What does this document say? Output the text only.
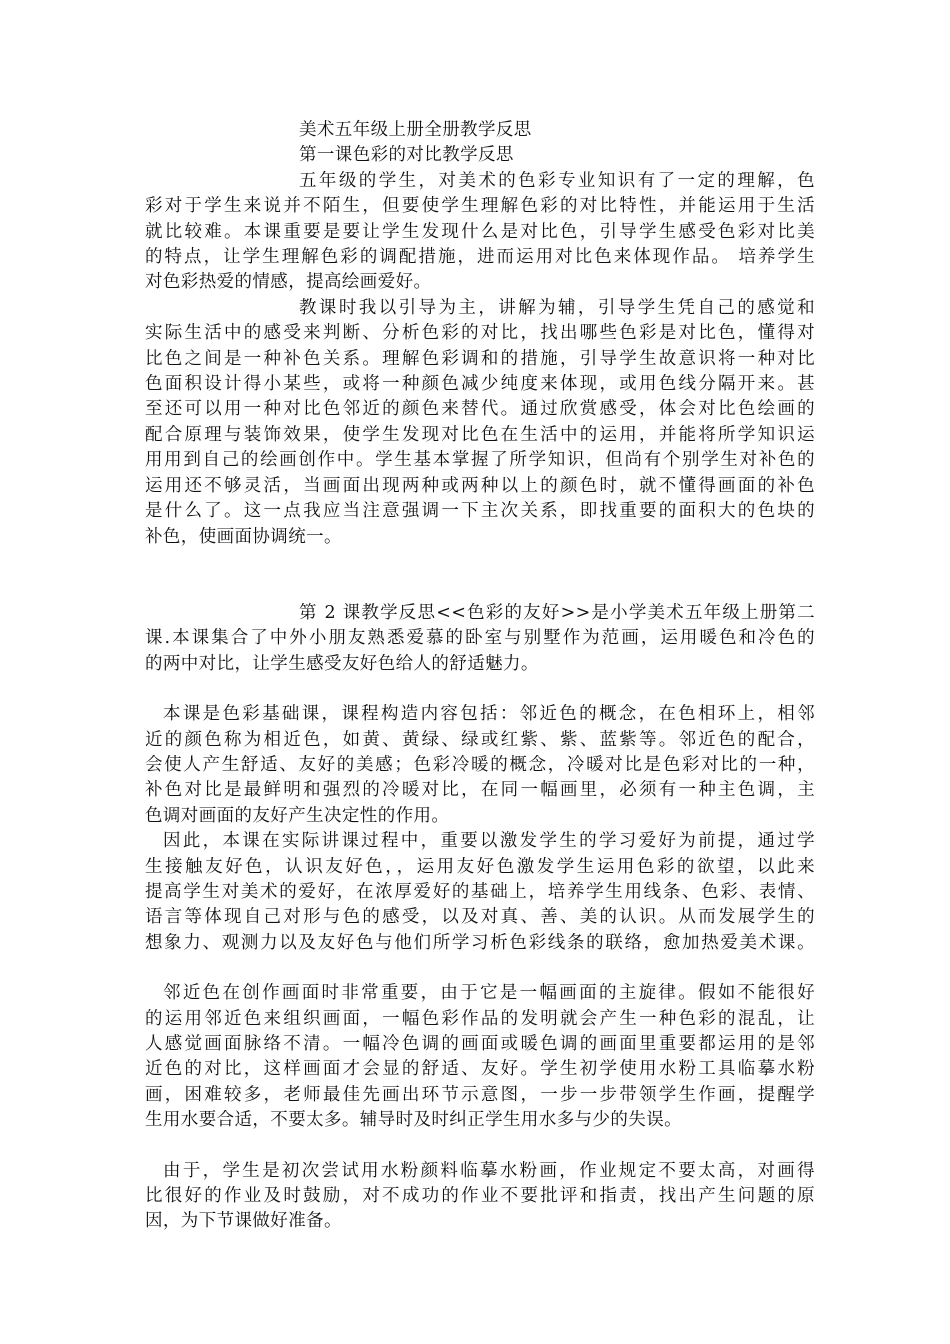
美术五年级上册全册教学反思
第一课色彩的对比教学反思
五年级的学生，对美术的色彩专业知识有了一定的理解，色
彩对于学生来说并不陌生，但要使学生理解色彩的对比特性，并能运用于生活
就比较难。本课重要是要让学生发现什么是对比色，引导学生感受色彩对比美
的特点，让学生理解色彩的调配措施，进而运用对比色来体现作品。 培养学生
对色彩热爱的情感，提高绘画爱好。
教课时我以引导为主，讲解为辅，引导学生凭自己的感觉和
实际生活中的感受来判断、分析色彩的对比，找出哪些色彩是对比色，懂得对
比色之间是一种补色关系。理解色彩调和的措施，引导学生故意识将一种对比
色面积设计得小某些，或将一种颜色减少纯度来体现，或用色线分隔开来。甚
至还可以用一种对比色邻近的颜色来替代。通过欣赏感受，体会对比色绘画的
配合原理与装饰效果，使学生发现对比色在生活中的运用，并能将所学知识运
用用到自己的绘画创作中。学生基本掌握了所学知识，但尚有个别学生对补色的
运用还不够灵活，当画面出现两种或两种以上的颜色时，就不懂得画面的补色
是什么了。这一点我应当注意强调一下主次关系，即找重要的面积大的色块的
补色，使画面协调统一。
第 2 课教学反思<<色彩的友好>>是小学美术五年级上册第二
课.本课集合了中外小朋友熟悉爱慕的卧室与别墅作为范画，运用暖色和冷色的
的两中对比，让学生感受友好色给人的舒适魅力。
本课是色彩基础课，课程构造内容包括：邻近色的概念，在色相环上，相邻
近的颜色称为相近色，如黄、黄绿、绿或红紫、紫、蓝紫等。邻近色的配合，
会使人产生舒适、友好的美感；色彩冷暖的概念，冷暖对比是色彩对比的一种，
补色对比是最鲜明和强烈的冷暖对比，在同一幅画里，必须有一种主色调，主
色调对画面的友好产生决定性的作用。
因此，本课在实际讲课过程中，重要以激发学生的学习爱好为前提，通过学
生接触友好色，认识友好色，，运用友好色激发学生运用色彩的欲望，以此来
提高学生对美术的爱好，在浓厚爱好的基础上，培养学生用线条、色彩、表情、
语言等体现自己对形与色的感受，以及对真、善、美的认识。从而发展学生的
想象力、观测力以及友好色与他们所学习析色彩线条的联络，愈加热爱美术课。
邻近色在创作画面时非常重要，由于它是一幅画面的主旋律。假如不能很好
的运用邻近色来组织画面，一幅色彩作品的发明就会产生一种色彩的混乱，让
人感觉画面脉络不清。一幅冷色调的画面或暖色调的画面里重要都运用的是邻
近色的对比，这样画面才会显的舒适、友好。学生初学使用水粉工具临摹水粉
画，困难较多，老师最佳先画出环节示意图，一步一步带领学生作画，提醒学
生用水要合适，不要太多。辅导时及时纠正学生用水多与少的失误。
由于，学生是初次尝试用水粉颜料临摹水粉画，作业规定不要太高，对画得
比很好的作业及时鼓励，对不成功的作业不要批评和指责，找出产生问题的原
因，为下节课做好准备。
